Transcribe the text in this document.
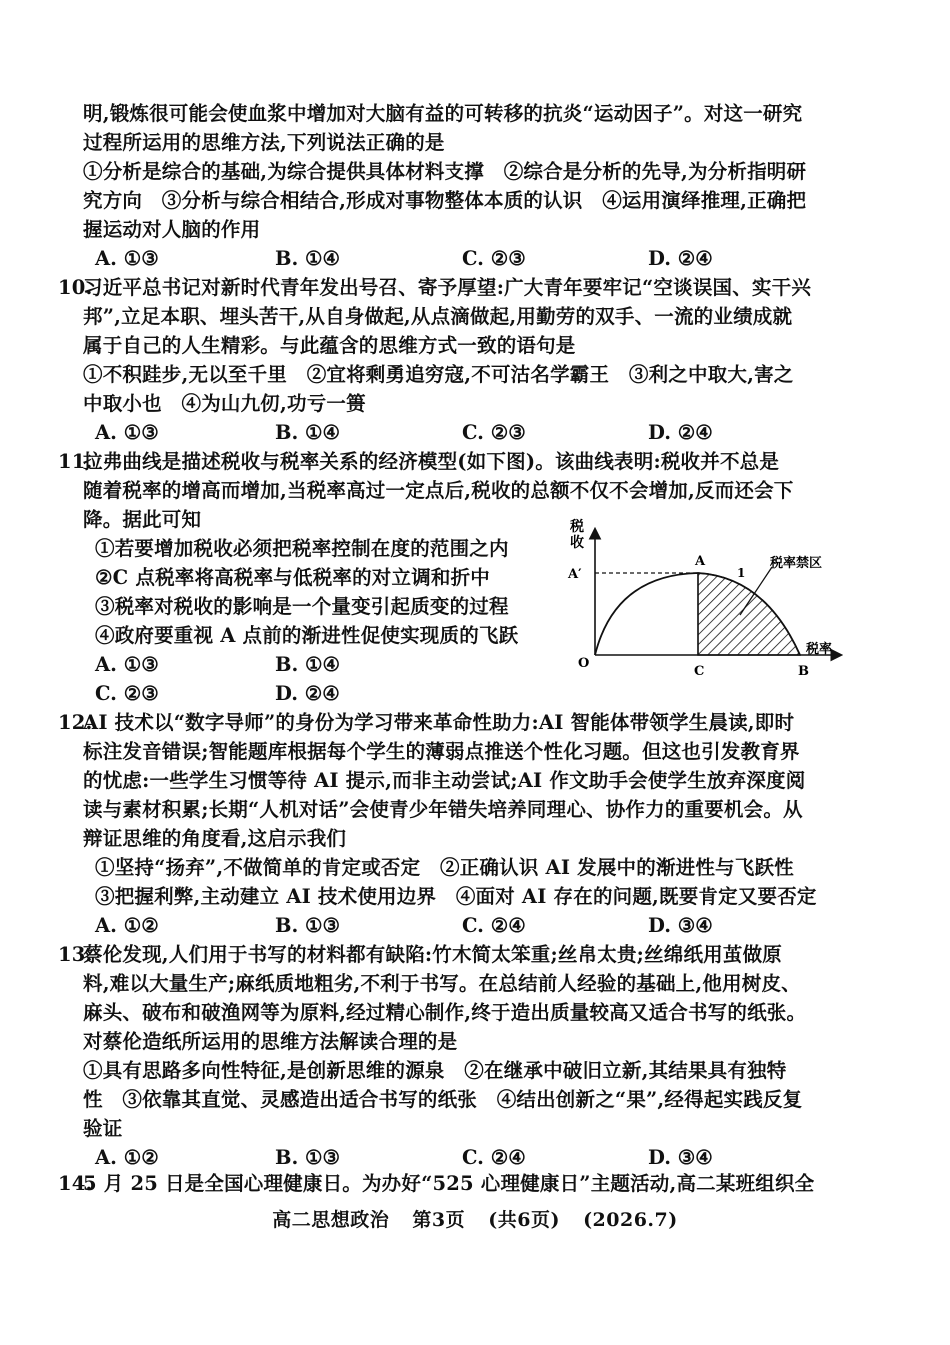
明,锻炼很可能会使血浆中增加对大脑有益的可转移的抗炎“运动因子”。对这一研究
过程所运用的思维方法,下列说法正确的是
①分析是综合的基础,为综合提供具体材料支撑　②综合是分析的先导,为分析指明研
究方向　③分析与综合相结合,形成对事物整体本质的认识　④运用演绎推理,正确把
握运动对人脑的作用
A. ①③	B. ①④	C. ②③	D. ②④
10.
习近平总书记对新时代青年发出号召、寄予厚望:广大青年要牢记“空谈误国、实干兴
邦”,立足本职、埋头苦干,从自身做起,从点滴做起,用勤劳的双手、一流的业绩成就
属于自己的人生精彩。与此蕴含的思维方式一致的语句是
①不积跬步,无以至千里　②宜将剩勇追穷寇,不可沽名学霸王　③利之中取大,害之
中取小也　④为山九仞,功亏一篑
A. ①③	B. ①④	C. ②③	D. ②④
11.
拉弗曲线是描述税收与税率关系的经济模型(如下图)。该曲线表明:税收并不总是
随着税率的增高而增加,当税率高过一定点后,税收的总额不仅不会增加,反而还会下
降。据此可知
①若要增加税收必须把税率控制在度的范围之内
②C 点税率将高税率与低税率的对立调和折中
③税率对税收的影响是一个量变引起质变的过程
④政府要重视 A 点前的渐进性促使实现质的飞跃
A. ①③	B. ①④
C. ②③	D. ②④
税
收
A′
A
1
税率禁区
O
C	B
税率
12.
AI 技术以“数字导师”的身份为学习带来革命性助力:AI 智能体带领学生晨读,即时
标注发音错误;智能题库根据每个学生的薄弱点推送个性化习题。但这也引发教育界
的忧虑:一些学生习惯等待 AI 提示,而非主动尝试;AI 作文助手会使学生放弃深度阅
读与素材积累;长期“人机对话”会使青少年错失培养同理心、协作力的重要机会。从
辩证思维的角度看,这启示我们
①坚持“扬弃”,不做简单的肯定或否定　②正确认识 AI 发展中的渐进性与飞跃性
③把握利弊,主动建立 AI 技术使用边界　④面对 AI 存在的问题,既要肯定又要否定
A. ①②	B. ①③	C. ②④	D. ③④
13.
蔡伦发现,人们用于书写的材料都有缺陷:竹木简太笨重;丝帛太贵;丝绵纸用茧做原
料,难以大量生产;麻纸质地粗劣,不利于书写。在总结前人经验的基础上,他用树皮、
麻头、破布和破渔网等为原料,经过精心制作,终于造出质量较高又适合书写的纸张。
对蔡伦造纸所运用的思维方法解读合理的是
①具有思路多向性特征,是创新思维的源泉　②在继承中破旧立新,其结果具有独特
性　③依靠其直觉、灵感造出适合书写的纸张　④结出创新之“果”,经得起实践反复
验证
A. ①②	B. ①③	C. ②④	D. ③④
14.
5 月 25 日是全国心理健康日。为办好“525 心理健康日”主题活动,高二某班组织全
高二思想政治 第3页 (共6页) (2026.7)
